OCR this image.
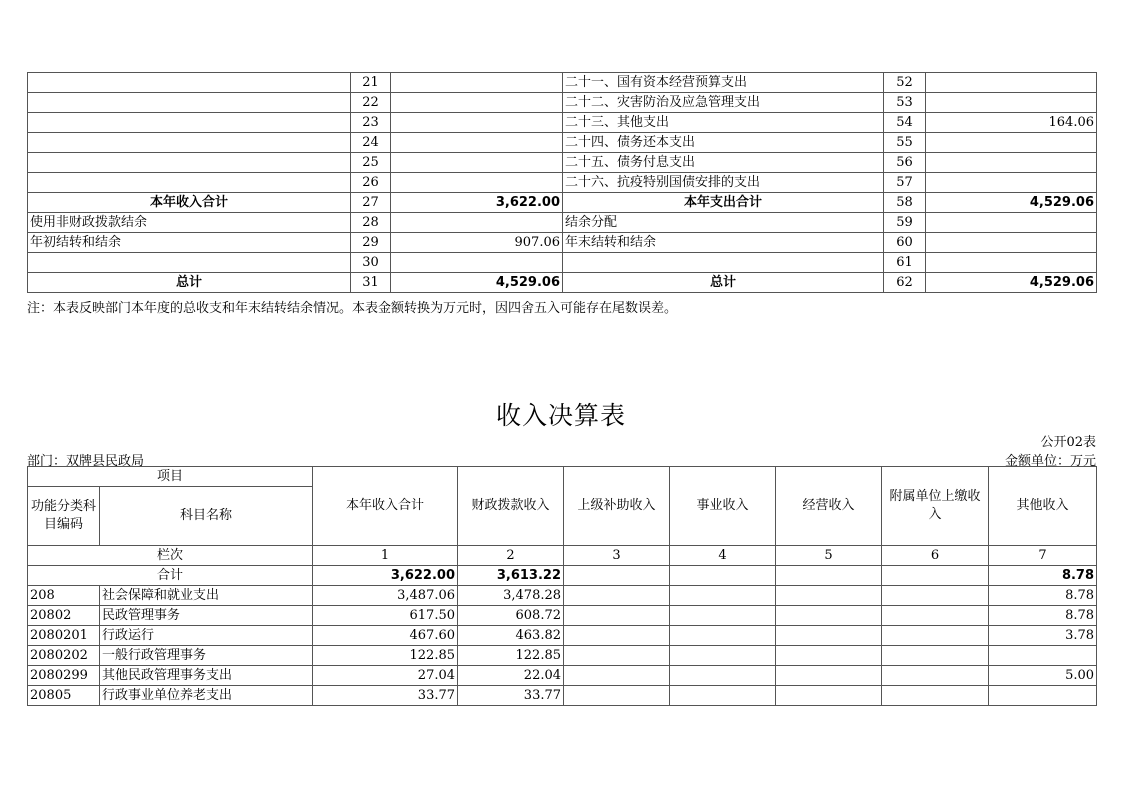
	21		二十一、国有资本经营预算支出	52	
	22		二十二、灾害防治及应急管理支出	53	
	23		二十三、其他支出	54	164.06
	24		二十四、债务还本支出	55	
	25		二十五、债务付息支出	56	
	26		二十六、抗疫特别国债安排的支出	57	
本年收入合计	27	3,622.00	本年支出合计	58	4,529.06
使用非财政拨款结余	28		结余分配	59	
年初结转和结余	29	907.06	年末结转和结余	60	
	30			61	
总计	31	4,529.06	总计	62	4,529.06
注：本表反映部门本年度的总收支和年末结转结余情况。本表金额转换为万元时，因四舍五入可能存在尾数误差。
收入决算表
公开02表
部门：双牌县民政局	金额单位：万元
项目		本年收入合计	财政拨款收入	上级补助收入	事业收入	经营收入	附属单位上缴收入	其他收入
功能分类科目编码	科目名称							
栏次		1	2	3	4	5	6	7
合计		3,622.00	3,613.22					8.78
208	社会保障和就业支出	3,487.06	3,478.28					8.78
20802	民政管理事务	617.50	608.72					8.78
2080201	行政运行	467.60	463.82					3.78
2080202	一般行政管理事务	122.85	122.85					
2080299	其他民政管理事务支出	27.04	22.04					5.00
20805	行政事业单位养老支出	33.77	33.77					
